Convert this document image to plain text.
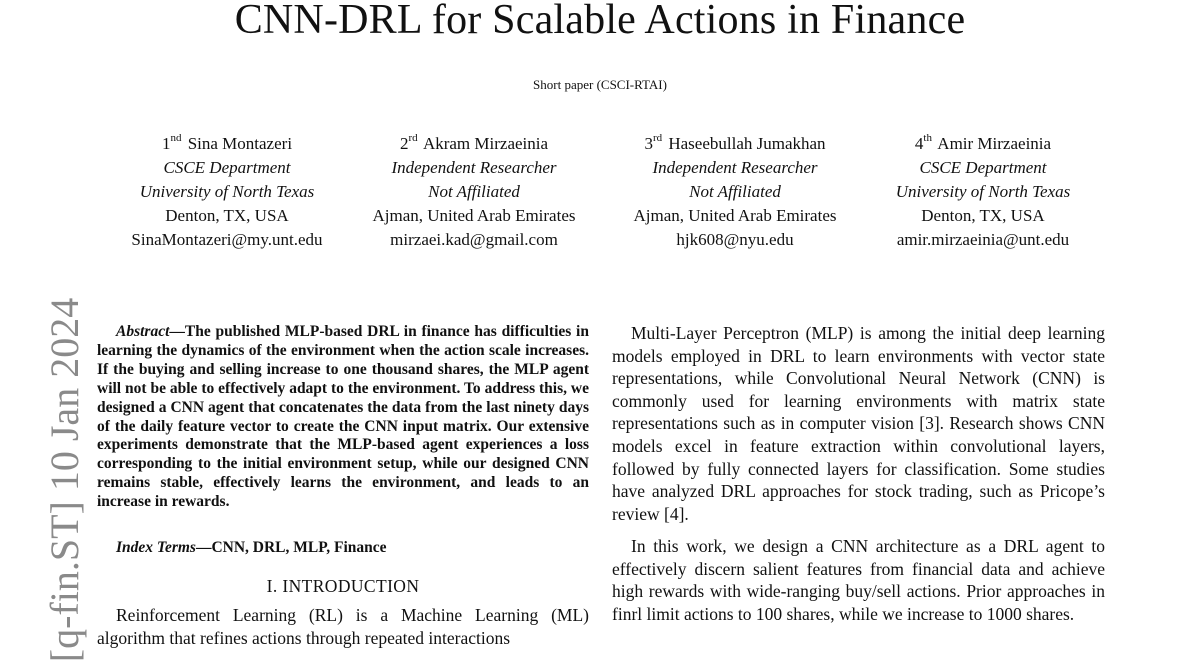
CNN-DRL for Scalable Actions in Finance
Short paper (CSCI-RTAI)
1nd Sina Montazeri
CSCE Department
University of North Texas
Denton, TX, USA
SinaMontazeri@my.unt.edu
2rd Akram Mirzaeinia
Independent Researcher
Not Affiliated
Ajman, United Arab Emirates
mirzaei.kad@gmail.com
3rd Haseebullah Jumakhan
Independent Researcher
Not Affiliated
Ajman, United Arab Emirates
hjk608@nyu.edu
4th Amir Mirzaeinia
CSCE Department
University of North Texas
Denton, TX, USA
amir.mirzaeinia@unt.edu
[q-fin.ST] 10 Jan 2024	Abstract—The published MLP-based DRL in finance has difficulties in learning the dynamics of the environment when the action scale increases. If the buying and selling increase to one thousand shares, the MLP agent will not be able to effectively adapt to the environment. To address this, we designed a CNN agent that concatenates the data from the last ninety days of the daily feature vector to create the CNN input matrix. Our extensive experiments demonstrate that the MLP-based agent experiences a loss corresponding to the initial environment setup, while our designed CNN remains stable, effectively learns the environment, and leads to an increase in rewards.
Index Terms—CNN, DRL, MLP, Finance
I. INTRODUCTION
Reinforcement Learning (RL) is a Machine Learning (ML) algorithm that refines actions through repeated interactions
Multi-Layer Perceptron (MLP) is among the initial deep learning models employed in DRL to learn environments with vector state representations, while Convolutional Neural Network (CNN) is commonly used for learning environments with matrix state representations such as in computer vision [3]. Research shows CNN models excel in feature extraction within convolutional layers, followed by fully connected layers for classification. Some studies have analyzed DRL approaches for stock trading, such as Pricope’s review [4].
In this work, we design a CNN architecture as a DRL agent to effectively discern salient features from financial data and achieve high rewards with wide-ranging buy/sell actions. Prior approaches in finrl limit actions to 100 shares, while we increase to 1000 shares.
